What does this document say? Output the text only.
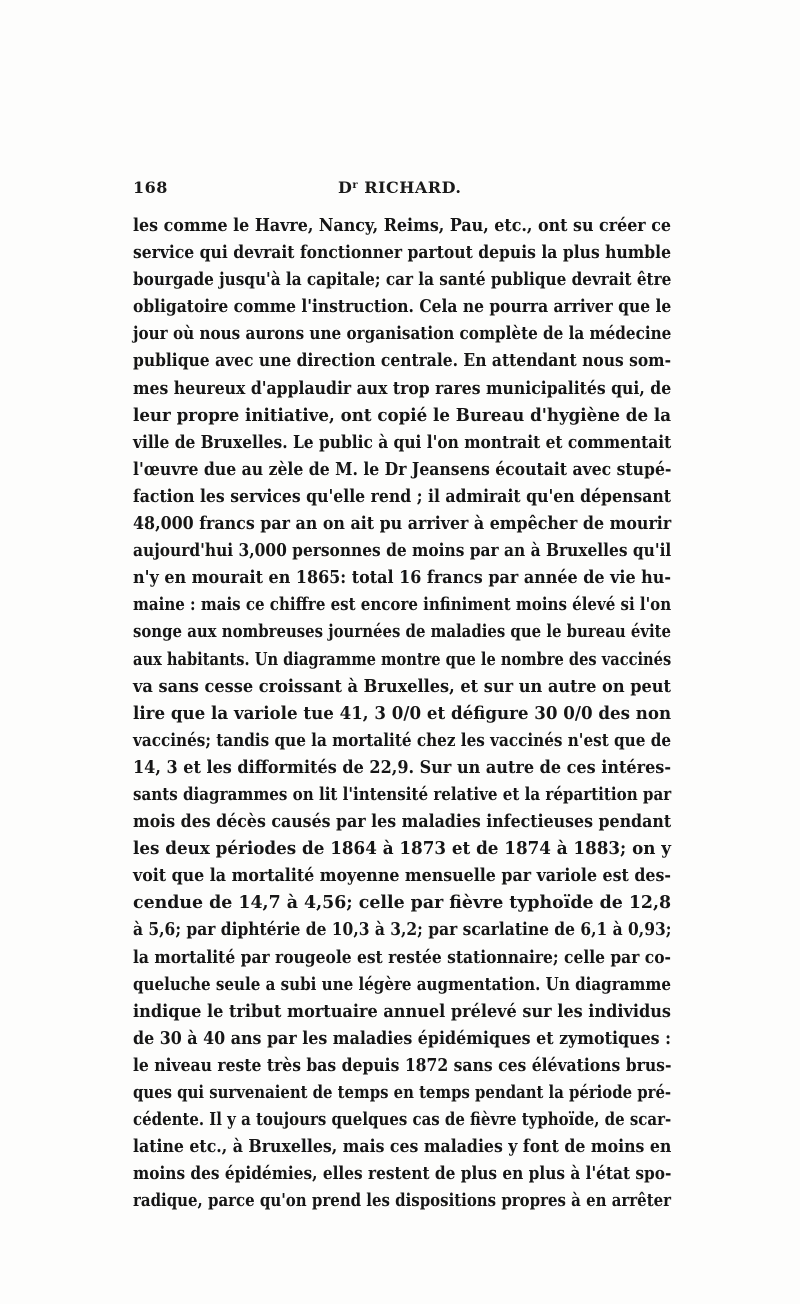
168	$D^r$ RICHARD.
les comme le Havre, Nancy, Reims, Pau, etc., ont su créer ce
service qui devrait fonctionner partout depuis la plus humble
bourgade jusqu'à la capitale; car la santé publique devrait être
obligatoire comme l'instruction. Cela ne pourra arriver que le
jour où nous aurons une organisation complète de la médecine
publique avec une direction centrale. En attendant nous som-
mes heureux d'applaudir aux trop rares municipalités qui, de
leur propre initiative, ont copié le Bureau d'hygiène de la
ville de Bruxelles. Le public à qui l'on montrait et commentait
l'œuvre due au zèle de M. le Dr Jeansens écoutait avec stupé-
faction les services qu'elle rend ; il admirait qu'en dépensant
48,000 francs par an on ait pu arriver à empêcher de mourir
aujourd'hui 3,000 personnes de moins par an à Bruxelles qu'il
n'y en mourait en 1865: total 16 francs par année de vie hu-
maine : mais ce chiffre est encore infiniment moins élevé si l'on
songe aux nombreuses journées de maladies que le bureau évite
aux habitants. Un diagramme montre que le nombre des vaccinés
va sans cesse croissant à Bruxelles, et sur un autre on peut
lire que la variole tue 41, 3 0/0 et défigure 30 0/0 des non
vaccinés; tandis que la mortalité chez les vaccinés n'est que de
14, 3 et les difformités de 22,9. Sur un autre de ces intéres-
sants diagrammes on lit l'intensité relative et la répartition par
mois des décès causés par les maladies infectieuses pendant
les deux périodes de 1864 à 1873 et de 1874 à 1883; on y
voit que la mortalité moyenne mensuelle par variole est des-
cendue de 14,7 à 4,56; celle par fièvre typhoïde de 12,8
à 5,6; par diphtérie de 10,3 à 3,2; par scarlatine de 6,1 à 0,93;
la mortalité par rougeole est restée stationnaire; celle par co-
queluche seule a subi une légère augmentation. Un diagramme
indique le tribut mortuaire annuel prélevé sur les individus
de 30 à 40 ans par les maladies épidémiques et zymotiques :
le niveau reste très bas depuis 1872 sans ces élévations brus-
ques qui survenaient de temps en temps pendant la période pré-
cédente. Il y a toujours quelques cas de fièvre typhoïde, de scar-
latine etc., à Bruxelles, mais ces maladies y font de moins en
moins des épidémies, elles restent de plus en plus à l'état spo-
radique, parce qu'on prend les dispositions propres à en arrêter
